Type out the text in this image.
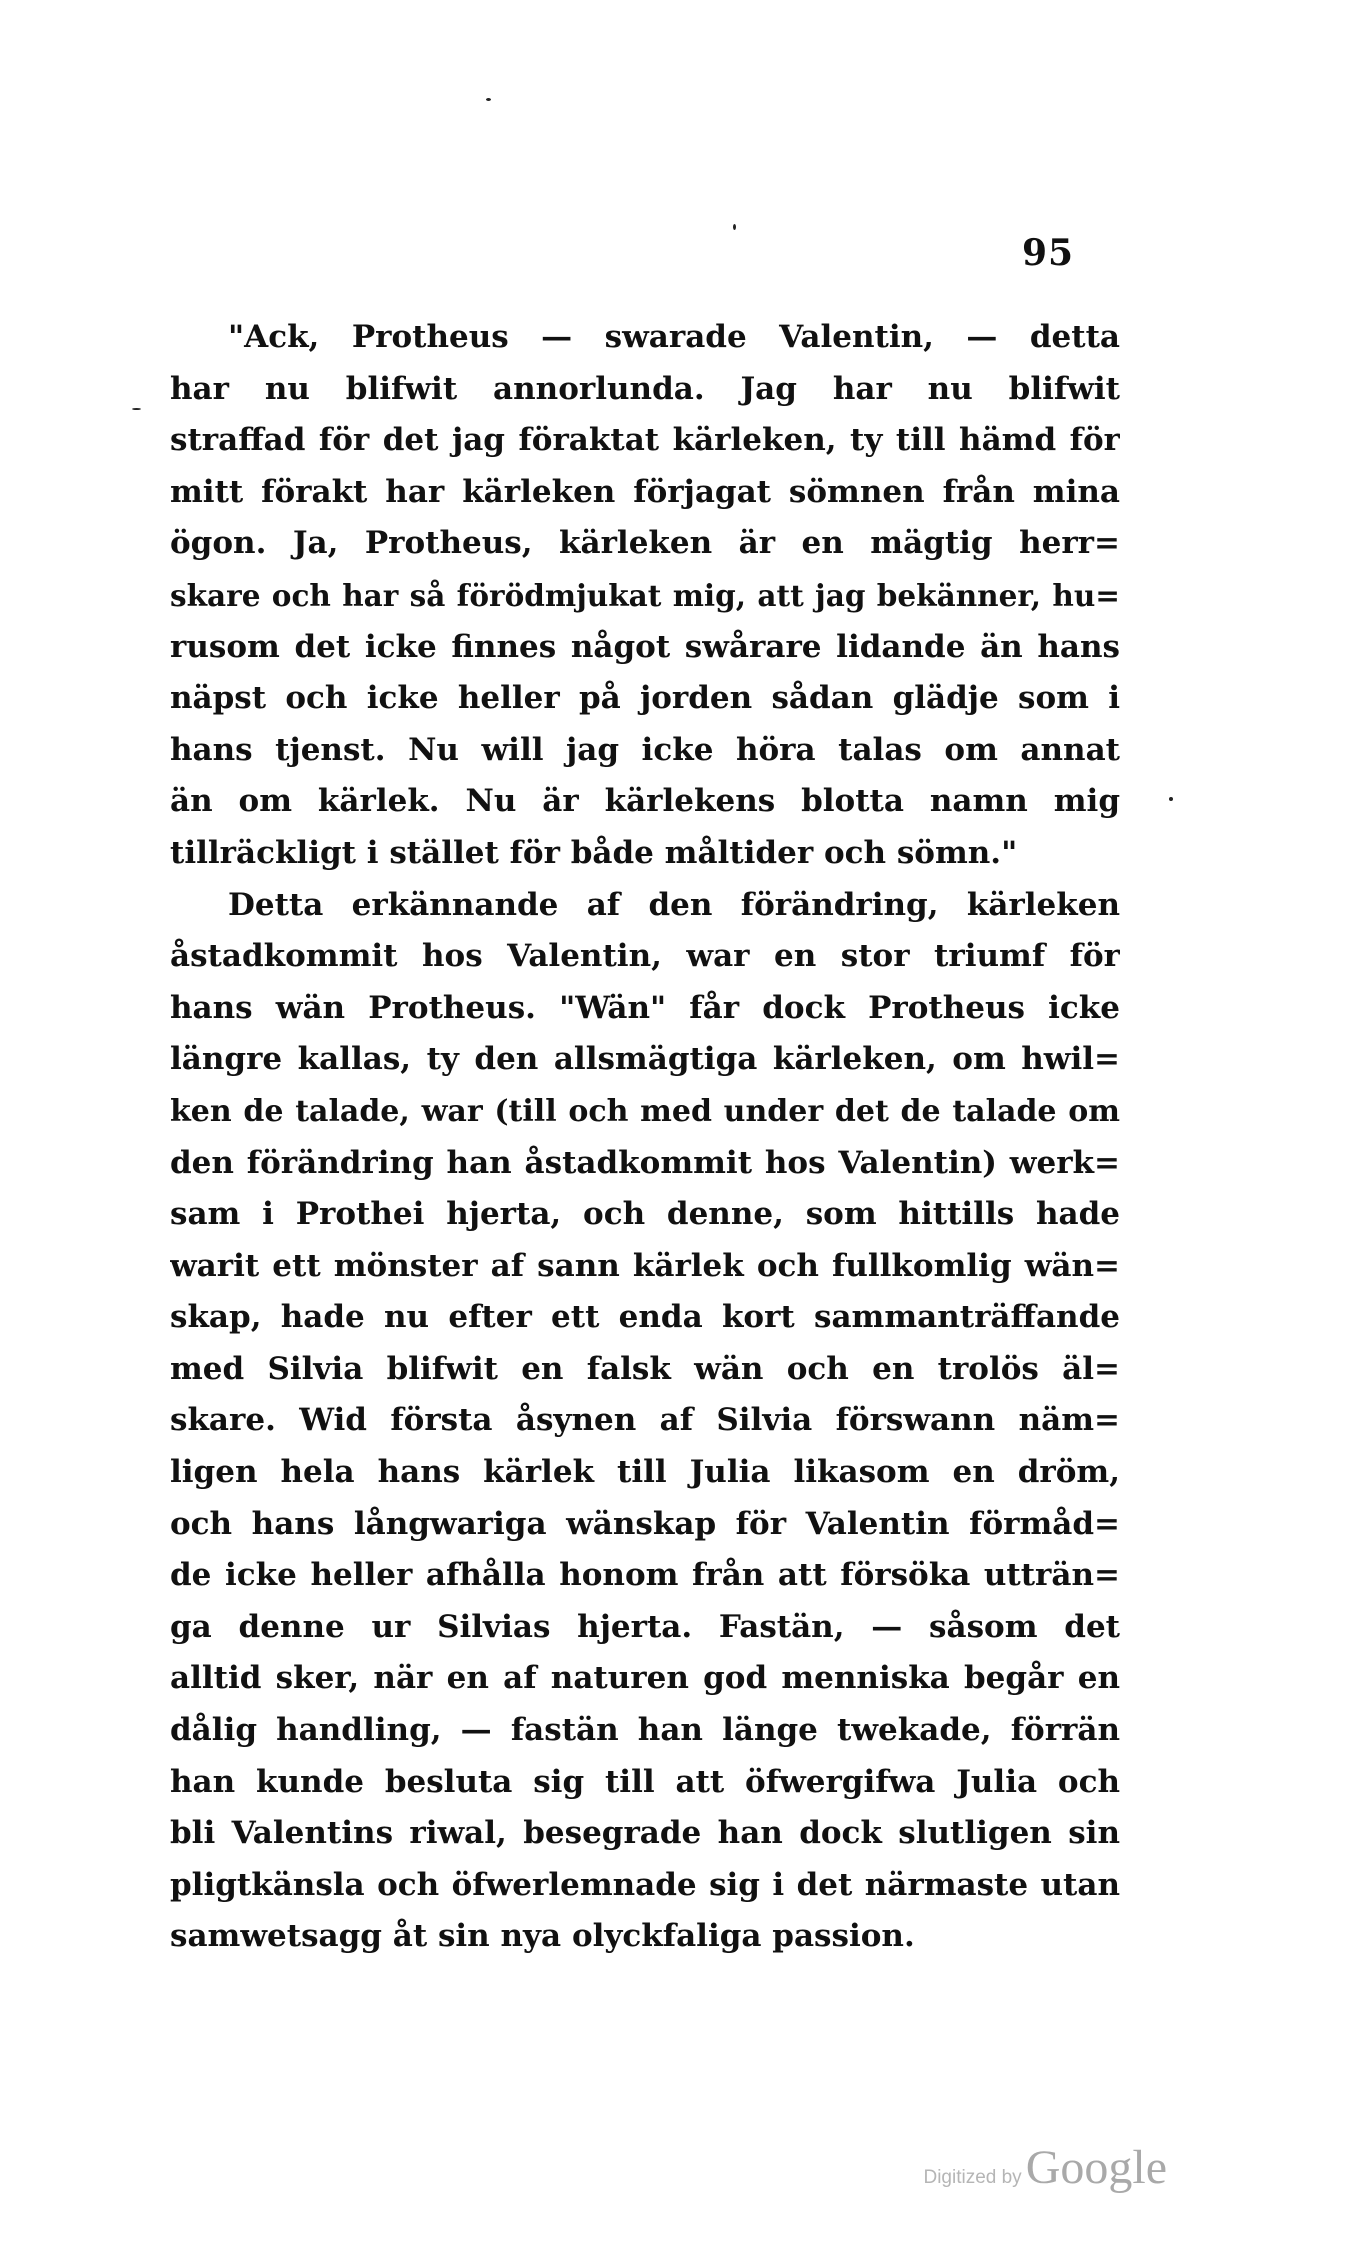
95
"Ack, Protheus — swarade Valentin, — detta
har nu blifwit annorlunda. Jag har nu blifwit
straffad för det jag föraktat kärleken, ty till hämd för
mitt förakt har kärleken förjagat sömnen från mina
ögon. Ja, Protheus, kärleken är en mägtig herr=
skare och har så förödmjukat mig, att jag bekänner, hu=
rusom det icke finnes något swårare lidande än hans
näpst och icke heller på jorden sådan glädje som i
hans tjenst. Nu will jag icke höra talas om annat
än om kärlek. Nu är kärlekens blotta namn mig
tillräckligt i stället för både måltider och sömn."
Detta erkännande af den förändring, kärleken
åstadkommit hos Valentin, war en stor triumf för
hans wän Protheus. "Wän" får dock Protheus icke
längre kallas, ty den allsmägtiga kärleken, om hwil=
ken de talade, war (till och med under det de talade om
den förändring han åstadkommit hos Valentin) werk=
sam i Prothei hjerta, och denne, som hittills hade
warit ett mönster af sann kärlek och fullkomlig wän=
skap, hade nu efter ett enda kort sammanträffande
med Silvia blifwit en falsk wän och en trolös äl=
skare. Wid första åsynen af Silvia förswann näm=
ligen hela hans kärlek till Julia likasom en dröm,
och hans långwariga wänskap för Valentin förmåd=
de icke heller afhålla honom från att försöka utträn=
ga denne ur Silvias hjerta. Fastän, — såsom det
alltid sker, när en af naturen god menniska begår en
dålig handling, — fastän han länge twekade, förrän
han kunde besluta sig till att öfwergifwa Julia och
bli Valentins riwal, besegrade han dock slutligen sin
pligtkänsla och öfwerlemnade sig i det närmaste utan
samwetsagg åt sin nya olyckfaliga passion.
Digitized by Google
